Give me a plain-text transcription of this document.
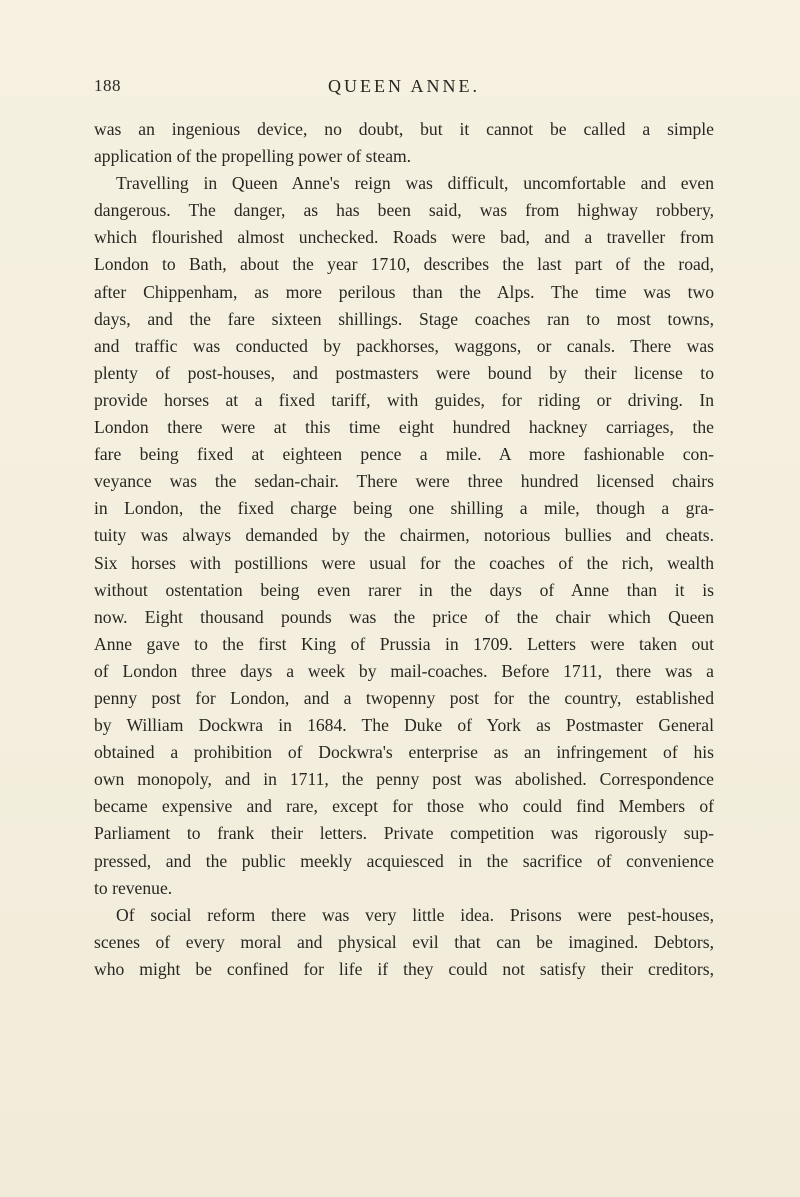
188	QUEEN ANNE.
was an ingenious device, no doubt, but it cannot be called a simple
application of the propelling power of steam.
Travelling in Queen Anne's reign was difficult, uncomfortable and even
dangerous. The danger, as has been said, was from highway robbery,
which flourished almost unchecked. Roads were bad, and a traveller from
London to Bath, about the year 1710, describes the last part of the road,
after Chippenham, as more perilous than the Alps. The time was two
days, and the fare sixteen shillings. Stage coaches ran to most towns,
and traffic was conducted by packhorses, waggons, or canals. There was
plenty of post-houses, and postmasters were bound by their license to
provide horses at a fixed tariff, with guides, for riding or driving. In
London there were at this time eight hundred hackney carriages, the
fare being fixed at eighteen pence a mile. A more fashionable con-
veyance was the sedan-chair. There were three hundred licensed chairs
in London, the fixed charge being one shilling a mile, though a gra-
tuity was always demanded by the chairmen, notorious bullies and cheats.
Six horses with postillions were usual for the coaches of the rich, wealth
without ostentation being even rarer in the days of Anne than it is
now. Eight thousand pounds was the price of the chair which Queen
Anne gave to the first King of Prussia in 1709. Letters were taken out
of London three days a week by mail-coaches. Before 1711, there was a
penny post for London, and a twopenny post for the country, established
by William Dockwra in 1684. The Duke of York as Postmaster General
obtained a prohibition of Dockwra's enterprise as an infringement of his
own monopoly, and in 1711, the penny post was abolished. Correspondence
became expensive and rare, except for those who could find Members of
Parliament to frank their letters. Private competition was rigorously sup-
pressed, and the public meekly acquiesced in the sacrifice of convenience
to revenue.
Of social reform there was very little idea. Prisons were pest-houses,
scenes of every moral and physical evil that can be imagined. Debtors,
who might be confined for life if they could not satisfy their creditors,
